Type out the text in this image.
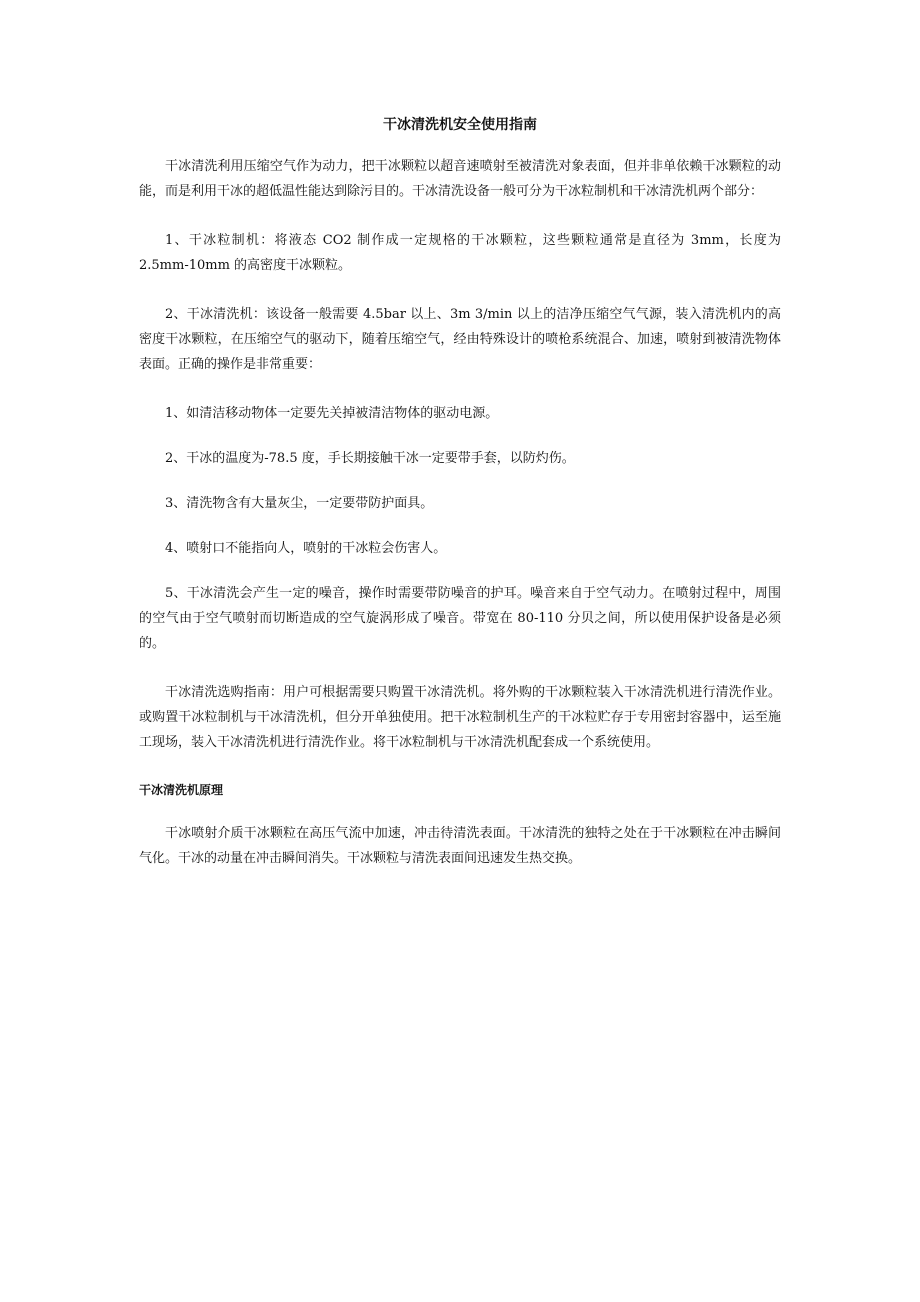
干冰清洗机安全使用指南

干冰清洗利用压缩空气作为动力，把干冰颗粒以超音速喷射至被清洗对象表面，但并非单依赖干冰颗粒的动能，而是利用干冰的超低温性能达到除污目的。干冰清洗设备一般可分为干冰粒制机和干冰清洗机两个部分：

1、干冰粒制机：将液态 CO2 制作成一定规格的干冰颗粒，这些颗粒通常是直径为 3mm，长度为 2.5mm-10mm 的高密度干冰颗粒。

2、干冰清洗机：该设备一般需要 4.5bar 以上、3m 3/min 以上的洁净压缩空气气源，装入清洗机内的高密度干冰颗粒，在压缩空气的驱动下，随着压缩空气，经由特殊设计的喷枪系统混合、加速，喷射到被清洗物体表面。正确的操作是非常重要：

1、如清洁移动物体一定要先关掉被清洁物体的驱动电源。

2、干冰的温度为-78.5 度，手长期接触干冰一定要带手套，以防灼伤。

3、清洗物含有大量灰尘，一定要带防护面具。

4、喷射口不能指向人，喷射的干冰粒会伤害人。

5、干冰清洗会产生一定的噪音，操作时需要带防噪音的护耳。噪音来自于空气动力。在喷射过程中，周围的空气由于空气喷射而切断造成的空气旋涡形成了噪音。带宽在 80-110 分贝之间，所以使用保护设备是必须的。

干冰清洗选购指南：用户可根据需要只购置干冰清洗机。将外购的干冰颗粒装入干冰清洗机进行清洗作业。或购置干冰粒制机与干冰清洗机，但分开单独使用。把干冰粒制机生产的干冰粒贮存于专用密封容器中，运至施工现场，装入干冰清洗机进行清洗作业。将干冰粒制机与干冰清洗机配套成一个系统使用。

干冰清洗机原理

干冰喷射介质干冰颗粒在高压气流中加速，冲击待清洗表面。干冰清洗的独特之处在于干冰颗粒在冲击瞬间气化。干冰的动量在冲击瞬间消失。干冰颗粒与清洗表面间迅速发生热交换。
